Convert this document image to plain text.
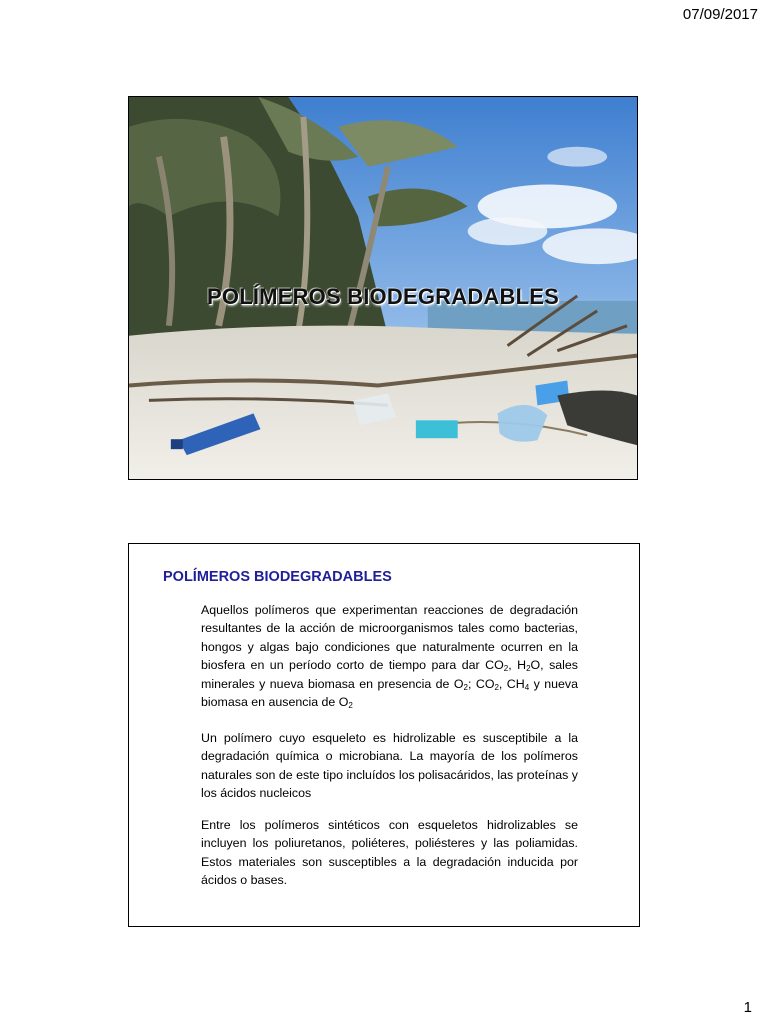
07/09/2017
POLÍMEROS BIODEGRADABLES
POLÍMEROS BIODEGRADABLES
Aquellos polímeros que experimentan reacciones de degradación resultantes de la acción de microorganismos tales como bacterias, hongos y algas bajo condiciones que naturalmente ocurren en la biosfera en un período corto de tiempo para dar $CO_2$, $H_2O$, sales minerales y nueva biomasa en presencia de $O_2$; $CO_2$, $CH_4$ y nueva biomasa en ausencia de $O_2$
Un polímero cuyo esqueleto es hidrolizable es susceptibile a la degradación química o microbiana. La mayoría de los polímeros naturales son de este tipo incluídos los polisacáridos, las proteínas y los ácidos nucleicos
Entre los polímeros sintéticos con esqueletos hidrolizables se incluyen los poliuretanos, poliéteres, poliésteres y las poliamidas. Estos materiales son susceptibles a la degradación inducida por ácidos o bases.
1
